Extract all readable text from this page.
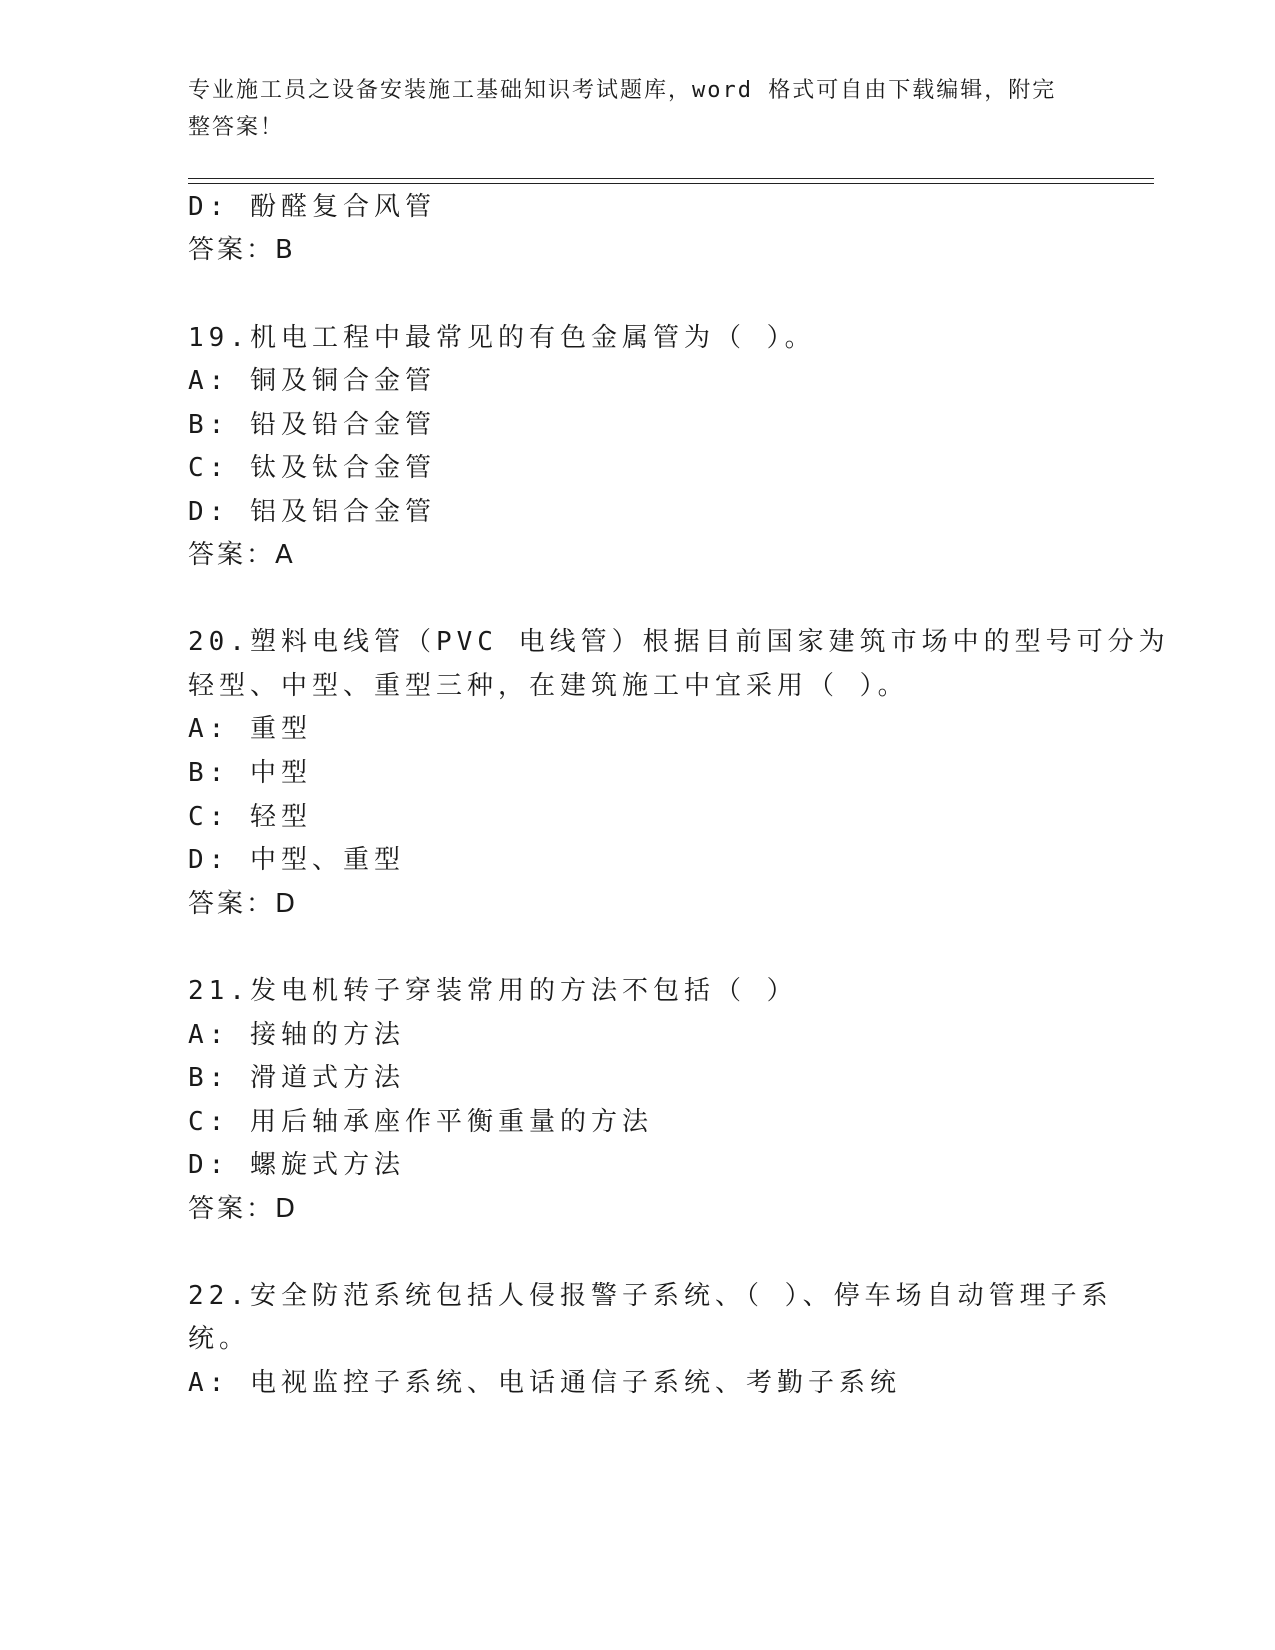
专业施工员之设备安装施工基础知识考试题库，word 格式可自由下载编辑，附完
整答案！
D: 酚醛复合风管
答案：B
19.机电工程中最常见的有色金属管为（ ）。
A: 铜及铜合金管
B: 铅及铅合金管
C: 钛及钛合金管
D: 铝及铝合金管
答案：A
20.塑料电线管（PVC 电线管）根据目前国家建筑市场中的型号可分为
轻型、中型、重型三种，在建筑施工中宜采用（ ）。
A: 重型
B: 中型
C: 轻型
D: 中型、重型
答案：D
21.发电机转子穿装常用的方法不包括（ ）
A: 接轴的方法
B: 滑道式方法
C: 用后轴承座作平衡重量的方法
D: 螺旋式方法
答案：D
22.安全防范系统包括人侵报警子系统、（ ）、停车场自动管理子系
统。
A: 电视监控子系统、电话通信子系统、考勤子系统
